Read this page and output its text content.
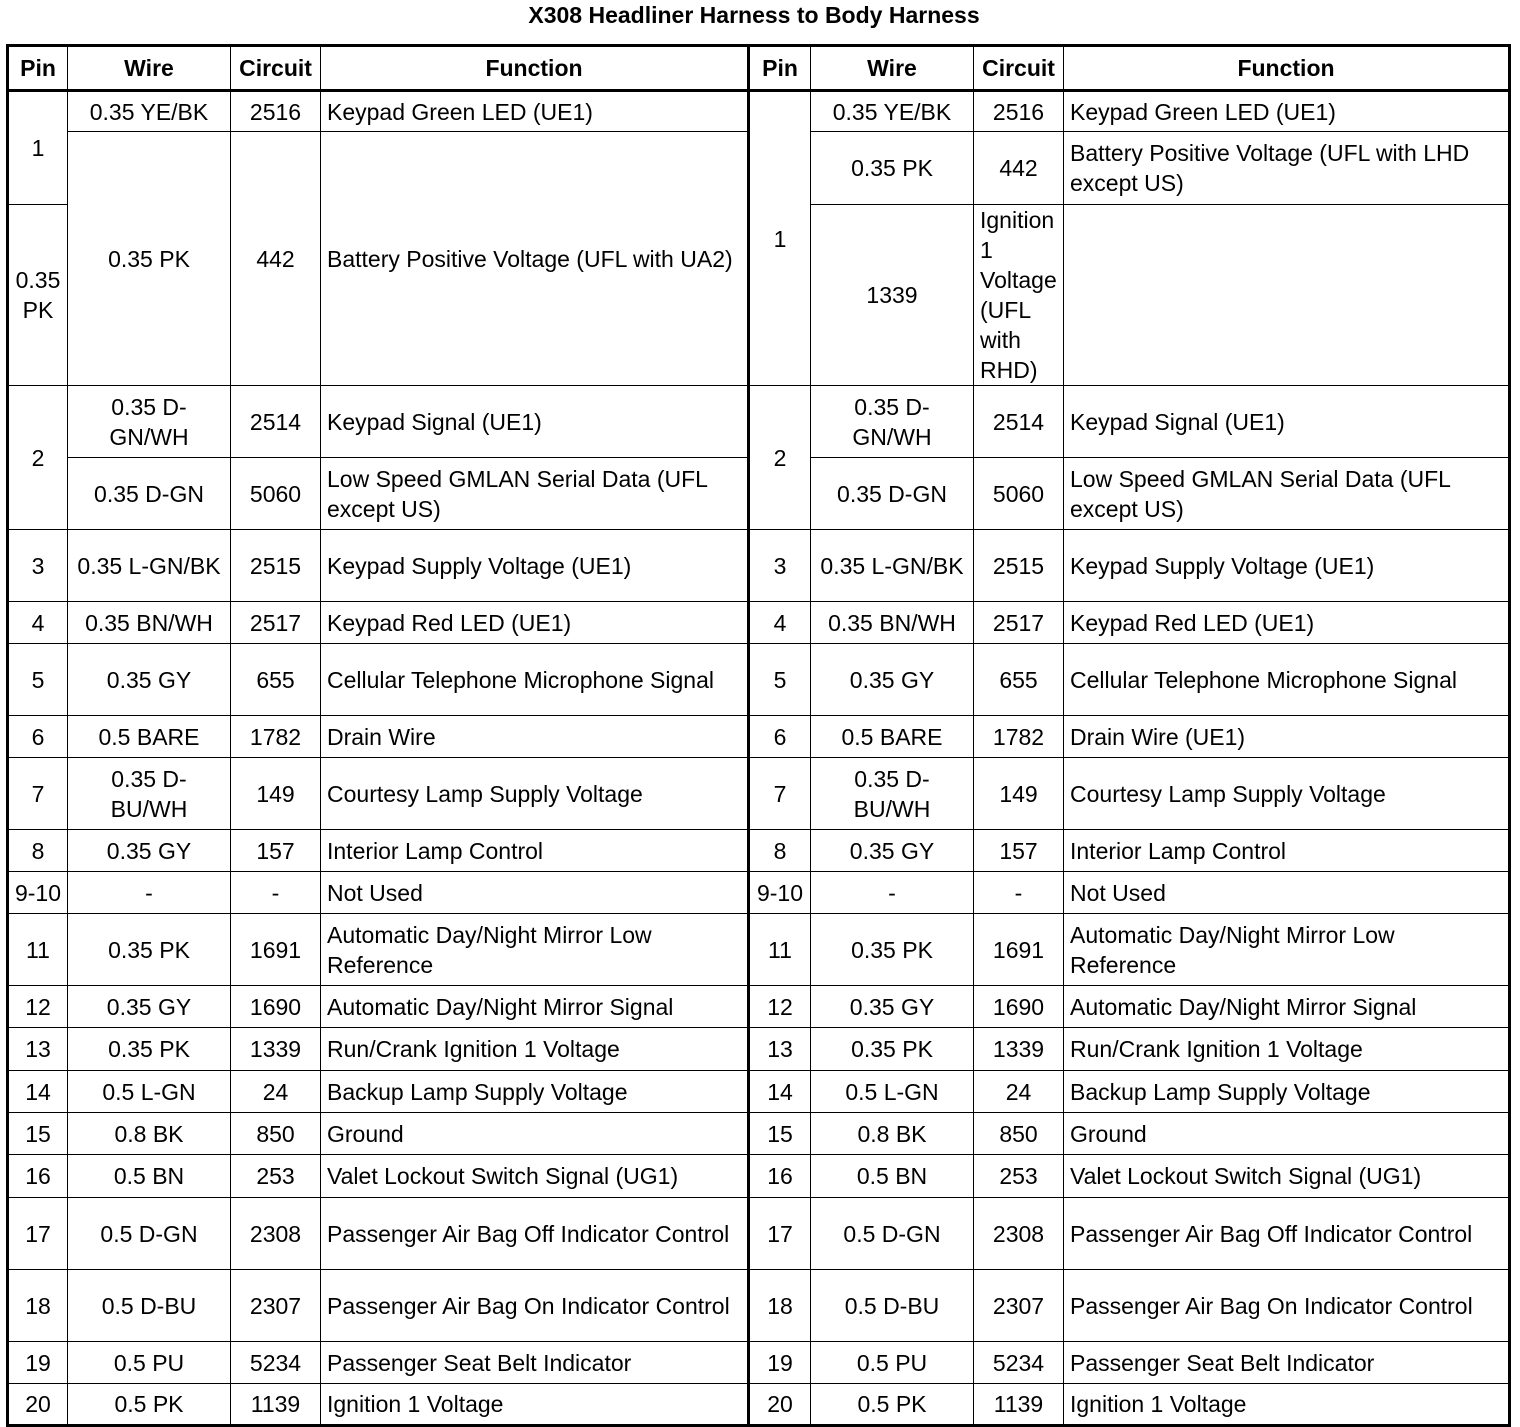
X308 Headliner Harness to Body Harness
Pin	Wire	Circuit	Function	Pin	Wire	Circuit	Function
1	0.35 YE/BK	2516	Keypad Green LED (UE1)	1	0.35 YE/BK	2516	Keypad Green LED (UE1)
	0.35 PK	442	Battery Positive Voltage (UFL with UA2)		0.35 PK	442	Battery Positive Voltage (UFL with LHD except US)
0.35 PK					1339	Ignition 1 Voltage (UFL with RHD)	
2	0.35 D-GN/WH	2514	Keypad Signal (UE1)	2	0.35 D-GN/WH	2514	Keypad Signal (UE1)
	0.35 D-GN	5060	Low Speed GMLAN Serial Data (UFL except US)		0.35 D-GN	5060	Low Speed GMLAN Serial Data (UFL except US)
3	0.35 L-GN/BK	2515	Keypad Supply Voltage (UE1)	3	0.35 L-GN/BK	2515	Keypad Supply Voltage (UE1)
4	0.35 BN/WH	2517	Keypad Red LED (UE1)	4	0.35 BN/WH	2517	Keypad Red LED (UE1)
5	0.35 GY	655	Cellular Telephone Microphone Signal	5	0.35 GY	655	Cellular Telephone Microphone Signal
6	0.5 BARE	1782	Drain Wire	6	0.5 BARE	1782	Drain Wire (UE1)
7	0.35 D-BU/WH	149	Courtesy Lamp Supply Voltage	7	0.35 D-BU/WH	149	Courtesy Lamp Supply Voltage
8	0.35 GY	157	Interior Lamp Control	8	0.35 GY	157	Interior Lamp Control
9-10	-	-	Not Used	9-10	-	-	Not Used
11	0.35 PK	1691	Automatic Day/Night Mirror Low Reference	11	0.35 PK	1691	Automatic Day/Night Mirror Low Reference
12	0.35 GY	1690	Automatic Day/Night Mirror Signal	12	0.35 GY	1690	Automatic Day/Night Mirror Signal
13	0.35 PK	1339	Run/Crank Ignition 1 Voltage	13	0.35 PK	1339	Run/Crank Ignition 1 Voltage
14	0.5 L-GN	24	Backup Lamp Supply Voltage	14	0.5 L-GN	24	Backup Lamp Supply Voltage
15	0.8 BK	850	Ground	15	0.8 BK	850	Ground
16	0.5 BN	253	Valet Lockout Switch Signal (UG1)	16	0.5 BN	253	Valet Lockout Switch Signal (UG1)
17	0.5 D-GN	2308	Passenger Air Bag Off Indicator Control	17	0.5 D-GN	2308	Passenger Air Bag Off Indicator Control
18	0.5 D-BU	2307	Passenger Air Bag On Indicator Control	18	0.5 D-BU	2307	Passenger Air Bag On Indicator Control
19	0.5 PU	5234	Passenger Seat Belt Indicator	19	0.5 PU	5234	Passenger Seat Belt Indicator
20	0.5 PK	1139	Ignition 1 Voltage	20	0.5 PK	1139	Ignition 1 Voltage
